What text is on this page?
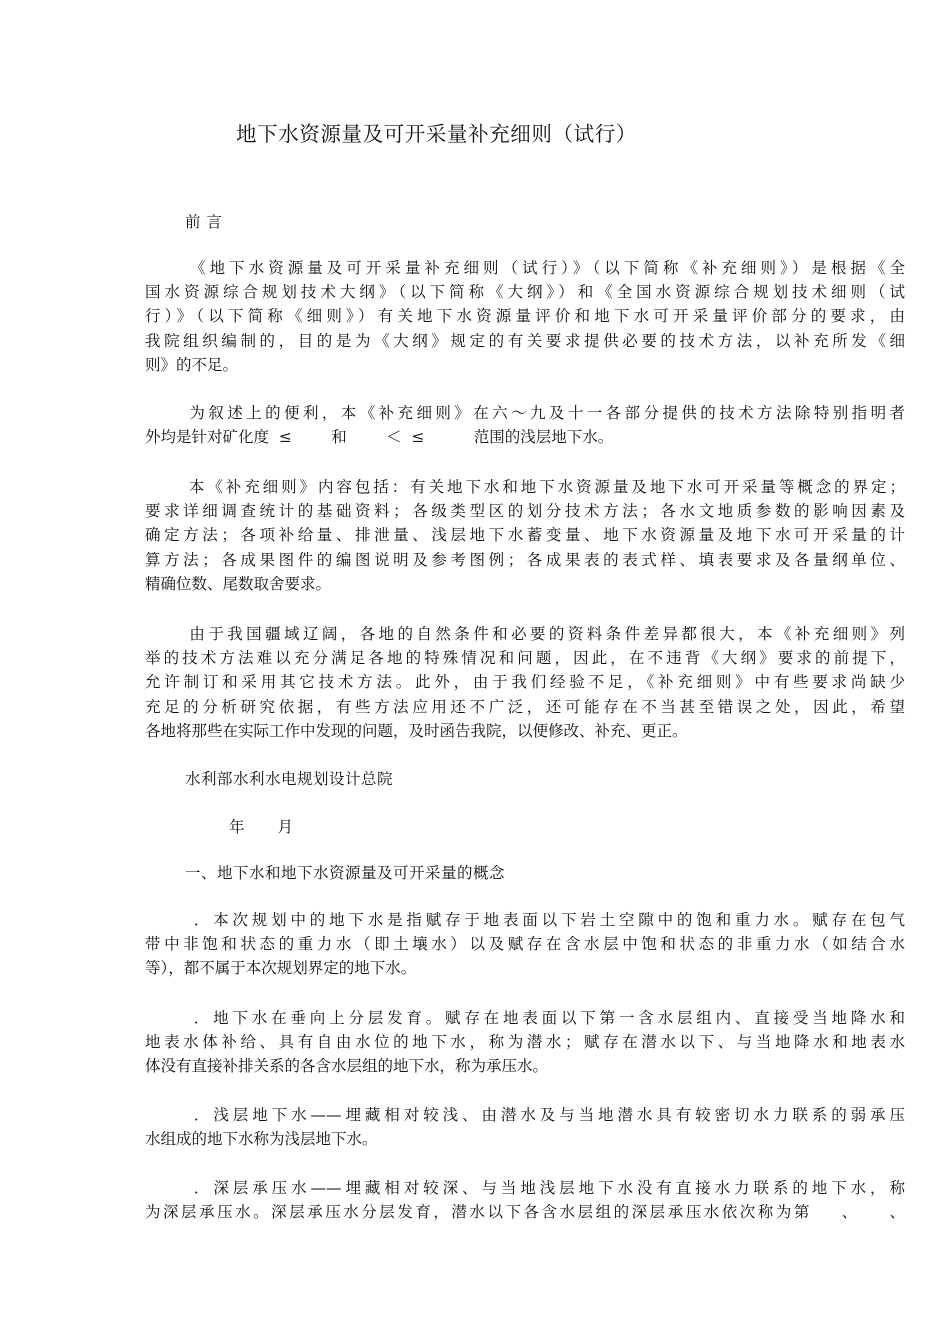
地下水资源量及可开采量补充细则（试行）
前 言
《地下水资源量及可开采量补充细则（试行）》（以下简称《补充细则》）是根据《全
国水资源综合规划技术大纲》（以下简称《大纲》）和《全国水资源综合规划技术细则（试
行）》（以下简称《细则》）有关地下水资源量评价和地下水可开采量评价部分的要求，由
我院组织编制的，目的是为《大纲》规定的有关要求提供必要的技术方法，以补充所发《细
则》的不足。
为叙述上的便利，本《补充细则》在六～九及十一各部分提供的技术方法除特别指明者
外均是针对矿化度  ≤        和        ＜  ≤          范围的浅层地下水。
本《补充细则》内容包括：有关地下水和地下水资源量及地下水可开采量等概念的界定；
要求详细调查统计的基础资料；各级类型区的划分技术方法；各水文地质参数的影响因素及
确定方法；各项补给量、排泄量、浅层地下水蓄变量、地下水资源量及地下水可开采量的计
算方法；各成果图件的编图说明及参考图例；各成果表的表式样、填表要求及各量纲单位、
精确位数、尾数取舍要求。
由于我国疆域辽阔，各地的自然条件和必要的资料条件差异都很大，本《补充细则》列
举的技术方法难以充分满足各地的特殊情况和问题，因此，在不违背《大纲》要求的前提下，
允许制订和采用其它技术方法。此外，由于我们经验不足，《补充细则》中有些要求尚缺少
充足的分析研究依据，有些方法应用还不广泛，还可能存在不当甚至错误之处，因此，希望
各地将那些在实际工作中发现的问题，及时函告我院，以便修改、补充、更正。
水利部水利水电规划设计总院
年      月
一、地下水和地下水资源量及可开采量的概念
．本次规划中的地下水是指赋存于地表面以下岩土空隙中的饱和重力水。赋存在包气
带中非饱和状态的重力水（即土壤水）以及赋存在含水层中饱和状态的非重力水（如结合水
等），都不属于本次规划界定的地下水。
．地下水在垂向上分层发育。赋存在地表面以下第一含水层组内、直接受当地降水和
地表水体补给、具有自由水位的地下水，称为潜水；赋存在潜水以下、与当地降水和地表水
体没有直接补排关系的各含水层组的地下水，称为承压水。
．浅层地下水——埋藏相对较浅、由潜水及与当地潜水具有较密切水力联系的弱承压
水组成的地下水称为浅层地下水。
．深层承压水——埋藏相对较深、与当地浅层地下水没有直接水力联系的地下水，称
为深层承压水。深层承压水分层发育，潜水以下各含水层组的深层承压水依次称为第    、    、
